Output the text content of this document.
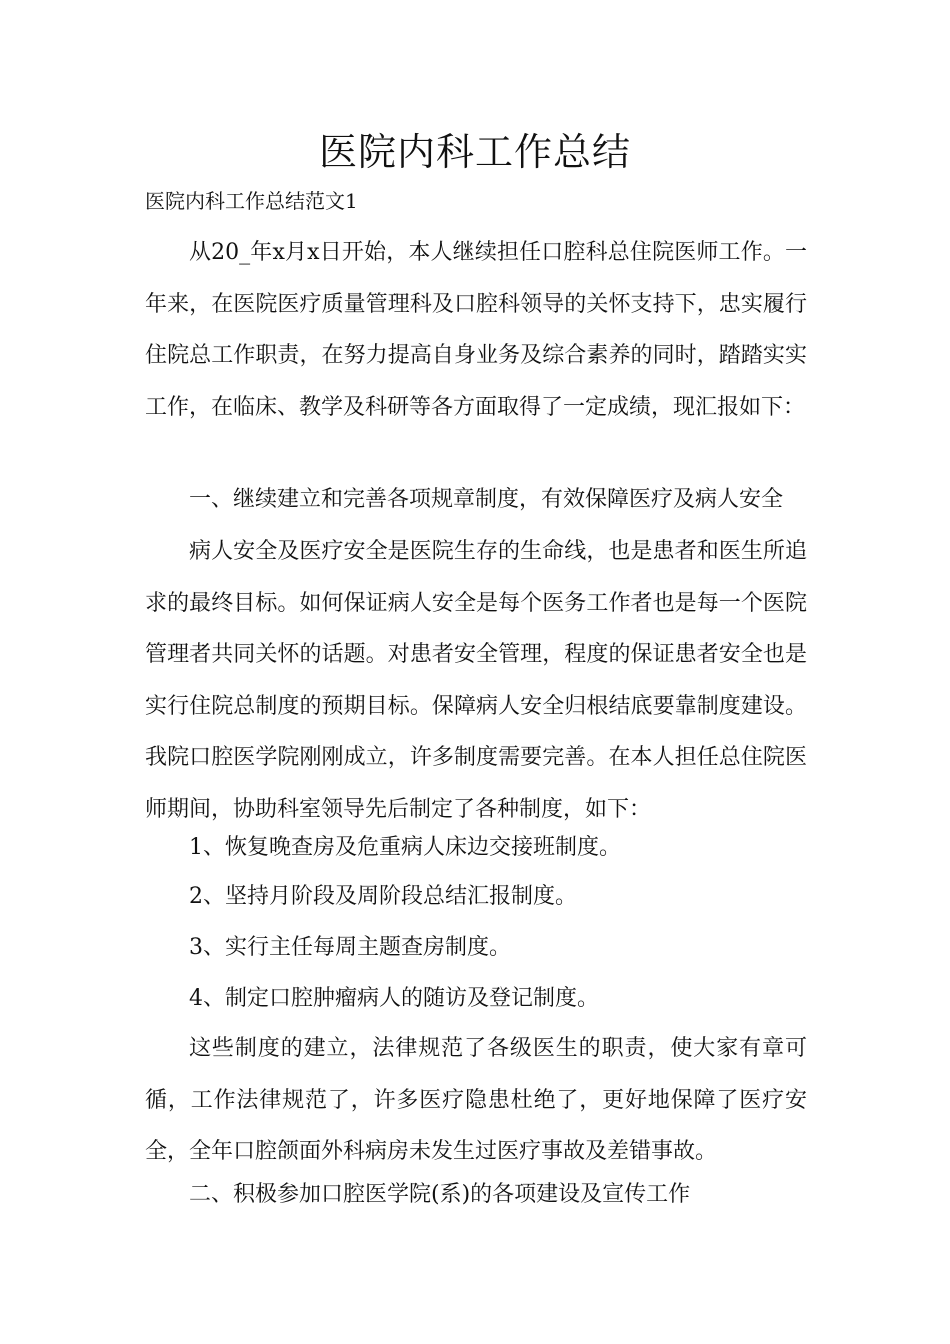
医院内科工作总结

医院内科工作总结范文1

从20_年x月x日开始，本人继续担任口腔科总住院医师工作。一年来，在医院医疗质量管理科及口腔科领导的关怀支持下，忠实履行住院总工作职责，在努力提高自身业务及综合素养的同时，踏踏实实工作，在临床、教学及科研等各方面取得了一定成绩，现汇报如下：

一、继续建立和完善各项规章制度，有效保障医疗及病人安全

病人安全及医疗安全是医院生存的生命线，也是患者和医生所追求的最终目标。如何保证病人安全是每个医务工作者也是每一个医院管理者共同关怀的话题。对患者安全管理，程度的保证患者安全也是实行住院总制度的预期目标。保障病人安全归根结底要靠制度建设。我院口腔医学院刚刚成立，许多制度需要完善。在本人担任总住院医师期间，协助科室领导先后制定了各种制度，如下：

1、恢复晚查房及危重病人床边交接班制度。

2、坚持月阶段及周阶段总结汇报制度。

3、实行主任每周主题查房制度。

4、制定口腔肿瘤病人的随访及登记制度。

这些制度的建立，法律规范了各级医生的职责，使大家有章可循，工作法律规范了，许多医疗隐患杜绝了，更好地保障了医疗安全，全年口腔颌面外科病房未发生过医疗事故及差错事故。

二、积极参加口腔医学院(系)的各项建设及宣传工作
